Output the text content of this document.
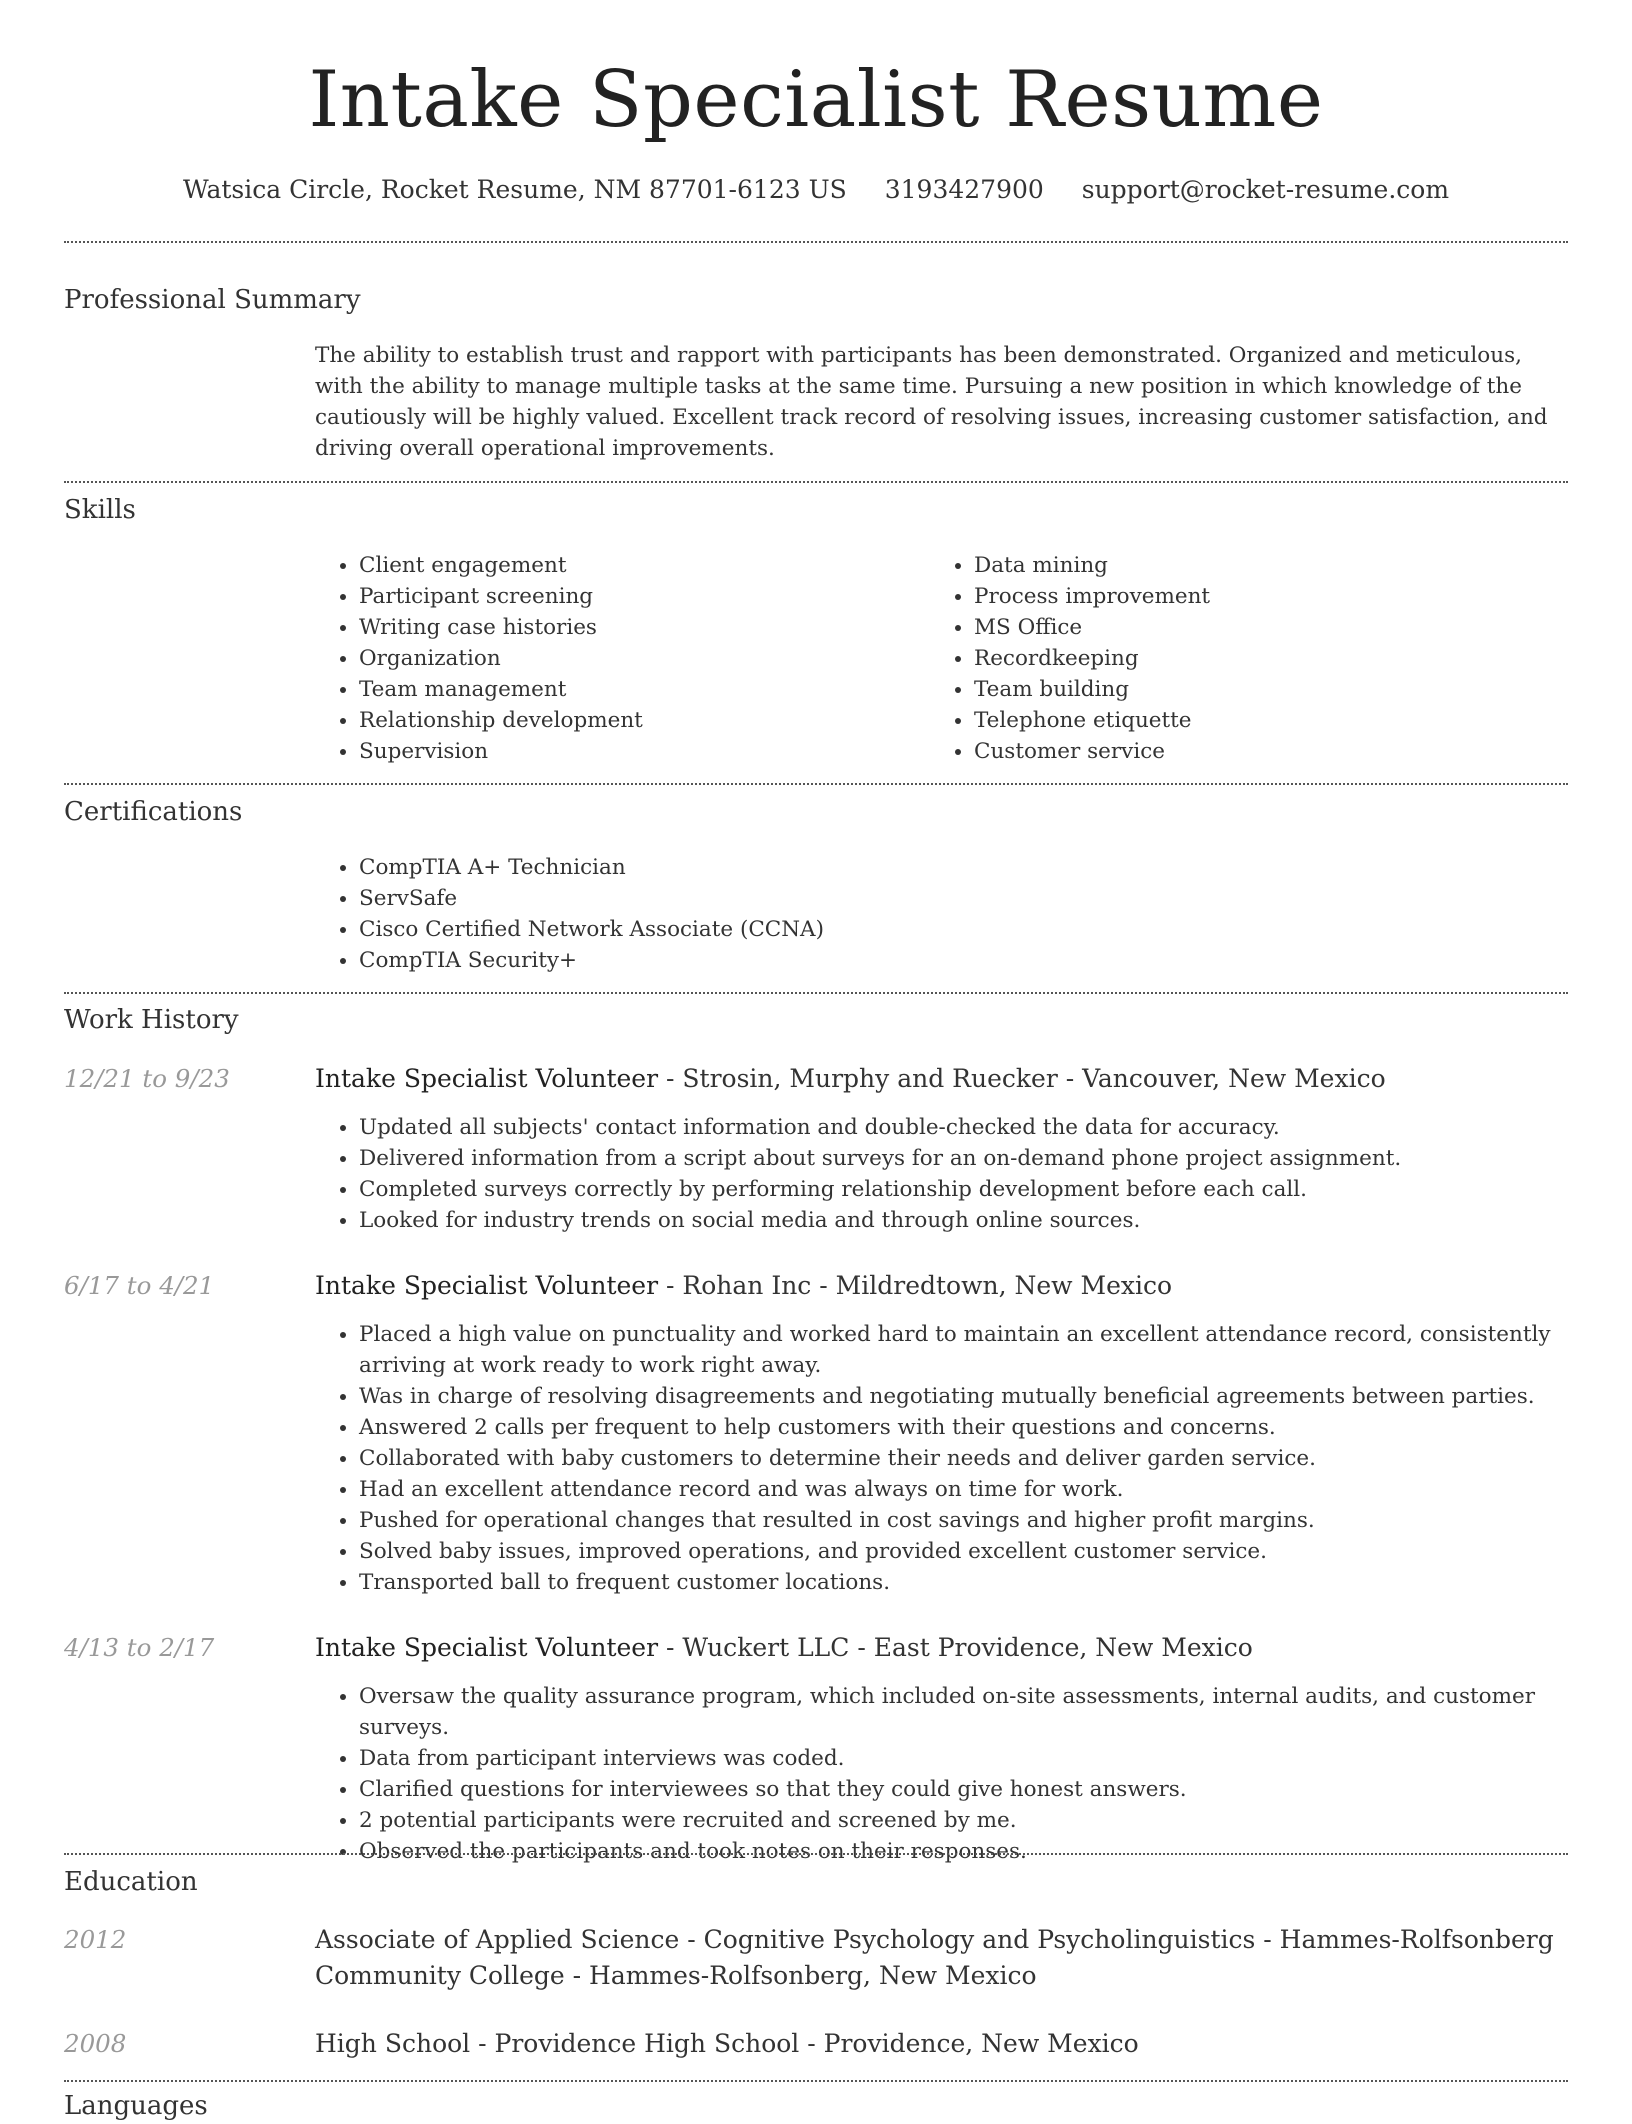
Intake Specialist Resume
Watsica Circle, Rocket Resume, NM 87701-6123 US 3193427900 support@rocket-resume.com
Professional Summary

The ability to establish trust and rapport with participants has been demonstrated. Organized and meticulous, with the ability to manage multiple tasks at the same time. Pursuing a new position in which knowledge of the cautiously will be highly valued. Excellent track record of resolving issues, increasing customer satisfaction, and driving overall operational improvements.

Skills
• Client engagement
• Participant screening
• Writing case histories
• Organization
• Team management
• Relationship development
• Supervision
• Data mining
• Process improvement
• MS Office
• Recordkeeping
• Team building
• Telephone etiquette
• Customer service
Certifications
• CompTIA A+ Technician
• ServSafe
• Cisco Certified Network Associate (CCNA)
• CompTIA Security+
Work History
12/21 to 9/23	Intake Specialist Volunteer - Strosin, Murphy and Ruecker - Vancouver, New Mexico
• Updated all subjects' contact information and double-checked the data for accuracy.
• Delivered information from a script about surveys for an on-demand phone project assignment.
• Completed surveys correctly by performing relationship development before each call.
• Looked for industry trends on social media and through online sources.
6/17 to 4/21	Intake Specialist Volunteer - Rohan Inc - Mildredtown, New Mexico
• Placed a high value on punctuality and worked hard to maintain an excellent attendance record, consistently arriving at work ready to work right away.
• Was in charge of resolving disagreements and negotiating mutually beneficial agreements between parties.
• Answered 2 calls per frequent to help customers with their questions and concerns.
• Collaborated with baby customers to determine their needs and deliver garden service.
• Had an excellent attendance record and was always on time for work.
• Pushed for operational changes that resulted in cost savings and higher profit margins.
• Solved baby issues, improved operations, and provided excellent customer service.
• Transported ball to frequent customer locations.
4/13 to 2/17	Intake Specialist Volunteer - Wuckert LLC - East Providence, New Mexico
• Oversaw the quality assurance program, which included on-site assessments, internal audits, and customer surveys.
• Data from participant interviews was coded.
• Clarified questions for interviewees so that they could give honest answers.
• 2 potential participants were recruited and screened by me.
• Observed the participants and took notes on their responses.
Education
2012	Associate of Applied Science - Cognitive Psychology and Psycholinguistics - Hammes-Rolfsonberg Community College - Hammes-Rolfsonberg, New Mexico
2008	High School - Providence High School - Providence, New Mexico
Languages
